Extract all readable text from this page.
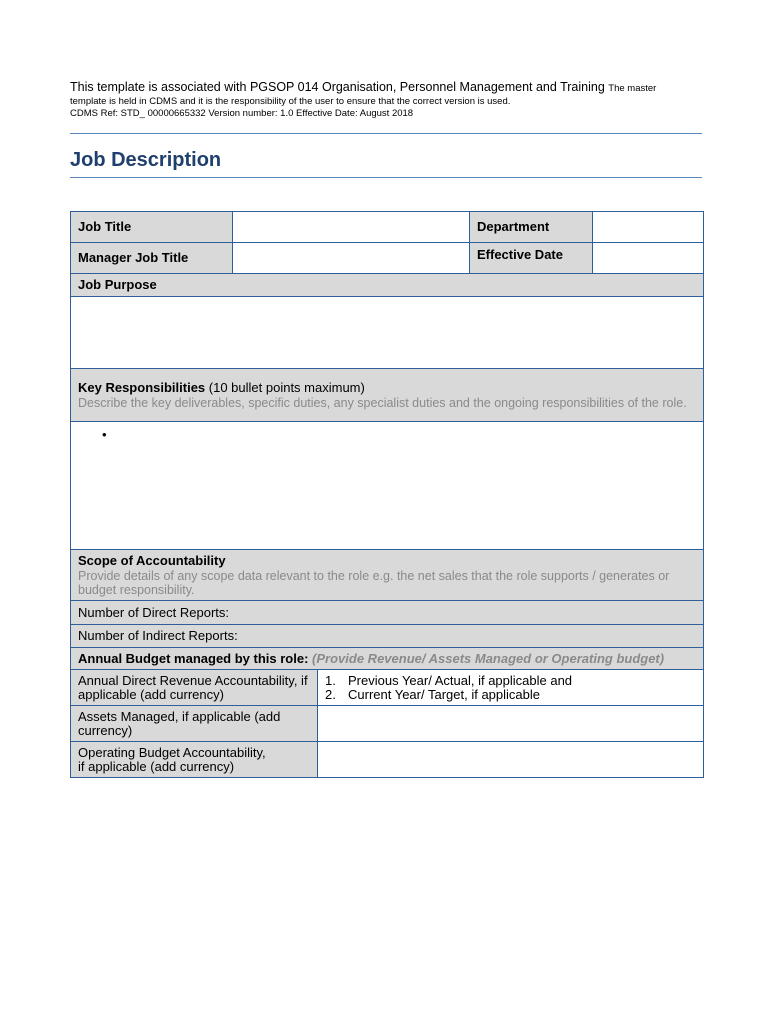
This template is associated with PGSOP 014 Organisation, Personnel Management and Training The master
template is held in CDMS and it is the responsibility of the user to ensure that the correct version is used.
CDMS Ref: STD_ 00000665332 Version number: 1.0 Effective Date: August 2018
Job Description
Job Title			Department	
Manager Job Title			Effective Date	
Job Purpose				

Key Responsibilities (10 bullet points maximum)
Describe the key deliverables, specific duties, any specialist duties and the ongoing responsibilities of the role.				

•				

Scope of Accountability
Provide details of any scope data relevant to the role e.g. the net sales that the role supports / generates or budget responsibility.				

Number of Direct Reports:				
Number of Indirect Reports:				
Annual Budget managed by this role: (Provide Revenue/ Assets Managed or Operating budget)				
Annual Direct Revenue Accountability, if applicable (add currency)		1. Previous Year/ Actual, if applicable and
2. Current Year/ Target, if applicable		

Assets Managed, if applicable (add currency)				

Operating Budget Accountability,
if applicable (add currency)				
